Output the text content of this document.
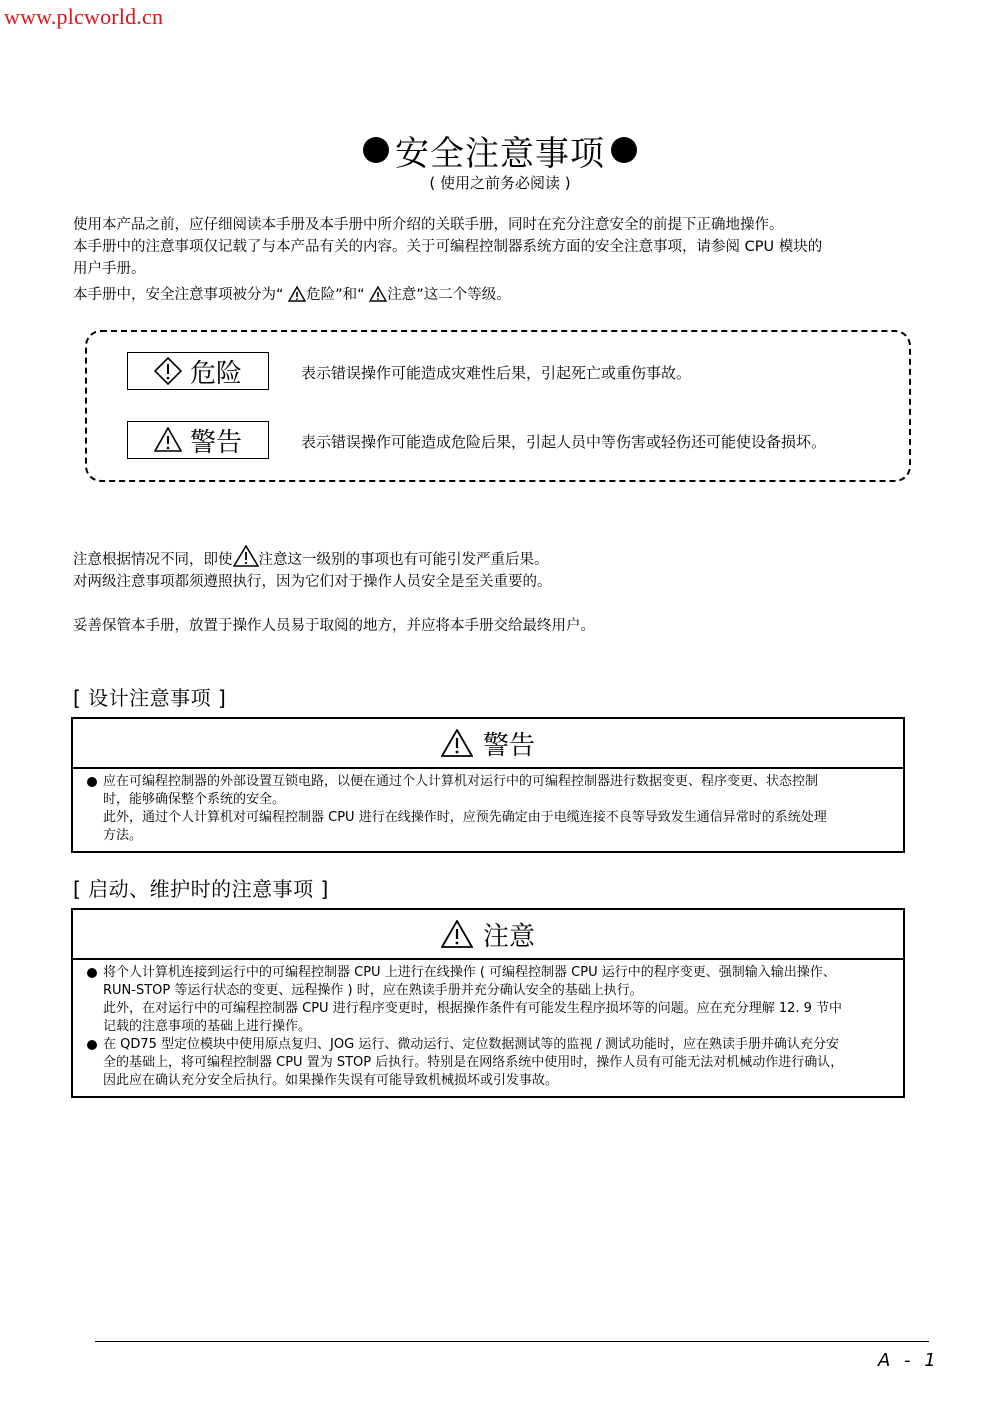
www.plcworld.cn
安全注意事项
( 使用之前务必阅读 )
使用本产品之前，应仔细阅读本手册及本手册中所介绍的关联手册，同时在充分注意安全的前提下正确地操作。
本手册中的注意事项仅记载了与本产品有关的内容。关于可编程控制器系统方面的安全注意事项，请参阅 CPU 模块的
用户手册。
本手册中，安全注意事项被分为“ 危险”和“ 注意”这二个等级。
危险	表示错误操作可能造成灾难性后果，引起死亡或重伤事故。
警告	表示错误操作可能造成危险后果，引起人员中等伤害或轻伤还可能使设备损坏。
注意根据情况不同，即使 注意这一级别的事项也有可能引发严重后果。
对两级注意事项都须遵照执行，因为它们对于操作人员安全是至关重要的。
妥善保管本手册，放置于操作人员易于取阅的地方，并应将本手册交给最终用户。
[ 设计注意事项 ]
警告
应在可编程控制器的外部设置互锁电路，以便在通过个人计算机对运行中的可编程控制器进行数据变更、程序变更、状态控制
时，能够确保整个系统的安全。
此外，通过个人计算机对可编程控制器 CPU 进行在线操作时，应预先确定由于电缆连接不良等导致发生通信异常时的系统处理
方法。
[ 启动、维护时的注意事项 ]
注意
将个人计算机连接到运行中的可编程控制器 CPU 上进行在线操作 ( 可编程控制器 CPU 运行中的程序变更、强制输入输出操作、
RUN-STOP 等运行状态的变更、远程操作 ) 时，应在熟读手册并充分确认安全的基础上执行。
此外，在对运行中的可编程控制器 CPU 进行程序变更时，根据操作条件有可能发生程序损坏等的问题。应在充分理解 12. 9 节中
记载的注意事项的基础上进行操作。
在 QD75 型定位模块中使用原点复归、JOG 运行、微动运行、定位数据测试等的监视 / 测试功能时，应在熟读手册并确认充分安
全的基础上，将可编程控制器 CPU 置为 STOP 后执行。特别是在网络系统中使用时，操作人员有可能无法对机械动作进行确认，
因此应在确认充分安全后执行。如果操作失误有可能导致机械损坏或引发事故。
A - 1
